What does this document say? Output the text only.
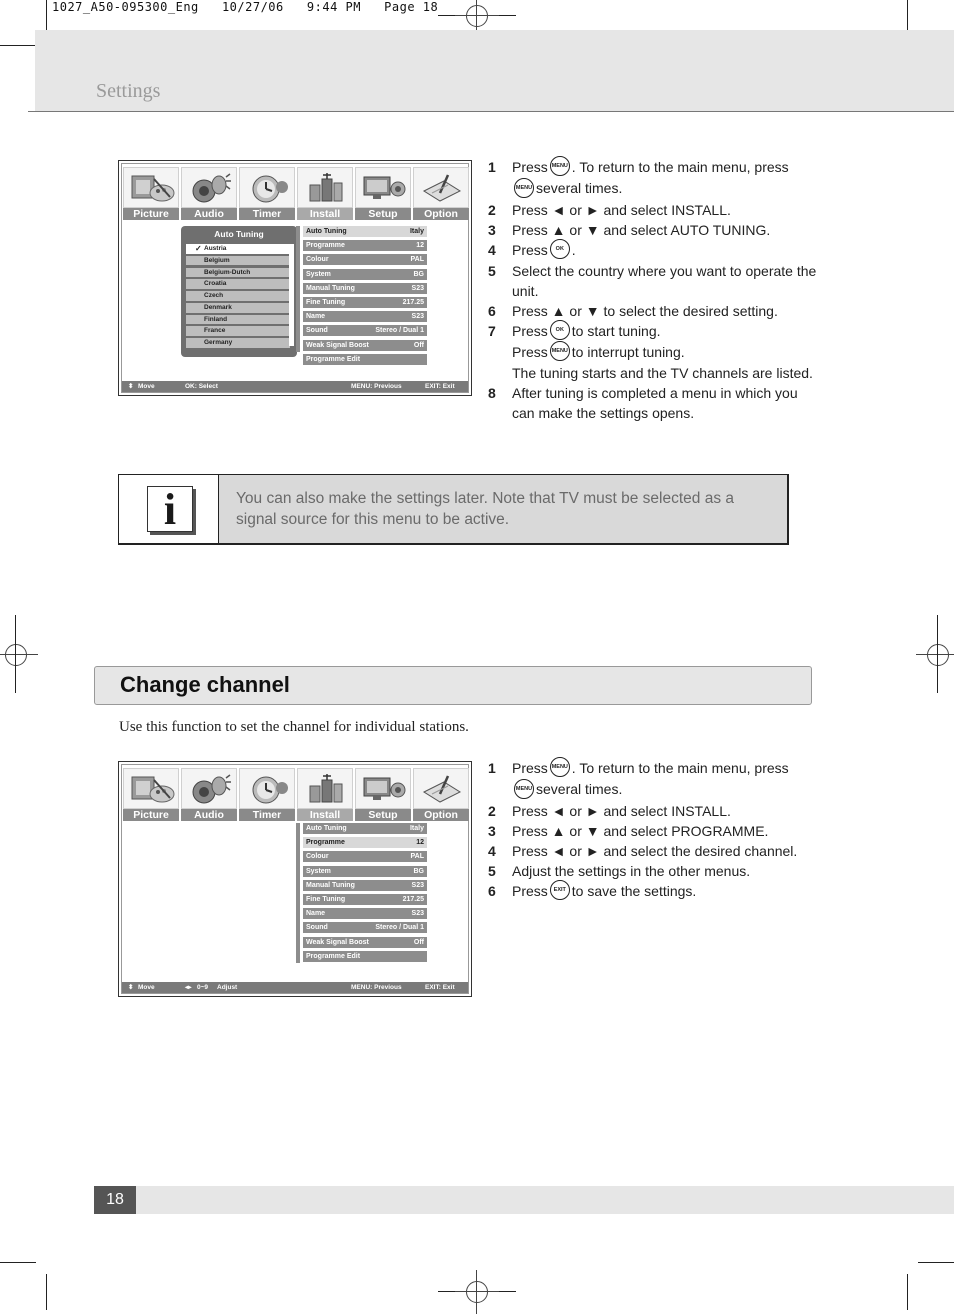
1027_A50-095300_Eng   10/27/06   9:44 PM   Page 18
Settings
Picture	Audio	Timer	Install	Setup	Option
Auto Tuning
✓ Austria
Belgium
Belgium-Dutch
Croatia
Czech
Denmark
Finland
France
Germany
Auto Tuning	Italy
Programme	12
Colour	PAL
System	BG
Manual Tuning	S23
Fine Tuning	217.25
Name	S23
Sound	Stereo / Dual 1
Weak Signal Boost	Off
Programme Edit
⬍ Move	OK: Select	MENU: Previous	EXIT: Exit
1 Press MENU . To return to the main menu, press
MENU several times.
2 Press ◄ or ► and select INSTALL.
3 Press ▲ or ▼ and select AUTO TUNING.
4 Press OK .
5 Select the country where you want to operate the unit.
6 Press ▲ or ▼ to select the desired setting.
7 Press OK to start tuning.
Press MENU to interrupt tuning.
The tuning starts and the TV channels are listed.
8 After tuning is completed a menu in which you can make the settings opens.
i	You can also make the settings later. Note that TV must be selected as a signal source for this menu to be active.
Change channel
Use this function to set the channel for individual stations.
Picture	Audio	Timer	Install	Setup	Option
Auto Tuning	Italy
Programme	12
Colour	PAL
System	BG
Manual Tuning	S23
Fine Tuning	217.25
Name	S23
Sound	Stereo / Dual 1
Weak Signal Boost	Off
Programme Edit
⬍ Move	◂▸ 0~9 Adjust	MENU: Previous	EXIT: Exit
1 Press MENU . To return to the main menu, press
MENU several times.
2 Press ◄ or ► and select INSTALL.
3 Press ▲ or ▼ and select PROGRAMME.
4 Press ◄ or ► and select the desired channel.
5 Adjust the settings in the other menus.
6 Press EXIT to save the settings.
18
